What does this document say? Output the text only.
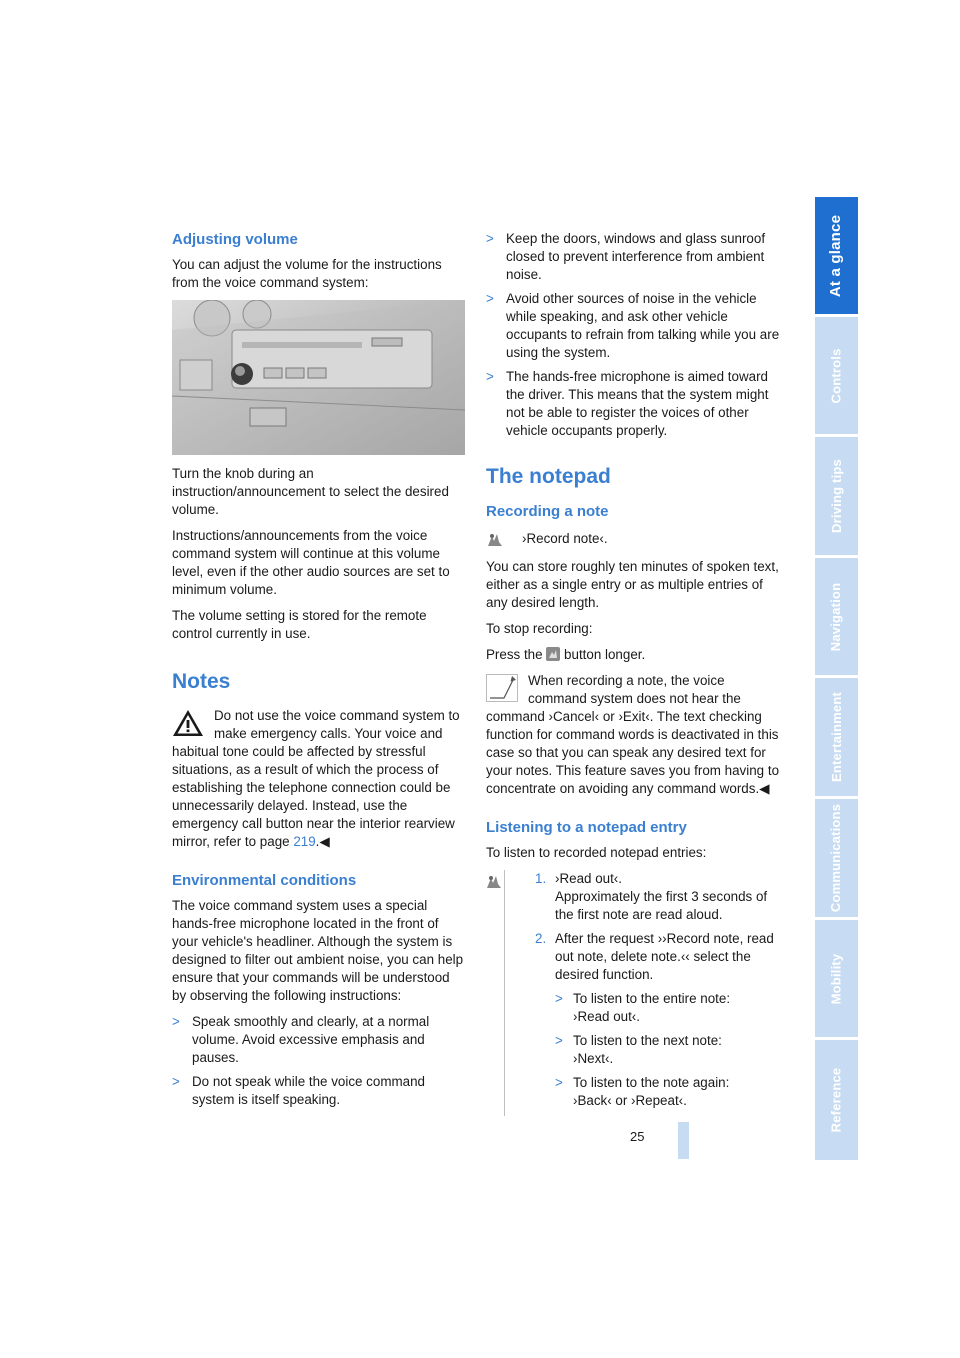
Adjusting volume

You can adjust the volume for the instructions from the voice command system:

Turn the knob during an instruction/announcement to select the desired volume.

Instructions/announcements from the voice command system will continue at this volume level, even if the other audio sources are set to minimum volume.

The volume setting is stored for the remote control currently in use.

Notes
Do not use the voice command system to make emergency calls. Your voice and habitual tone could be affected by stressful situations, as a result of which the process of establishing the telephone connection could be unnecessarily delayed. Instead, use the emergency call button near the interior rearview mirror, refer to page 219.◀
Environmental conditions

The voice command system uses a special hands-free microphone located in the front of your vehicle's headliner. Although the system is designed to filter out ambient noise, you can help ensure that your commands will be understood by observing the following instructions:

> Speak smoothly and clearly, at a normal volume. Avoid excessive emphasis and pauses.
> Do not speak while the voice command system is itself speaking.
> Keep the doors, windows and glass sunroof closed to prevent interference from ambient noise.
> Avoid other sources of noise in the vehicle while speaking, and ask other vehicle occupants to refrain from talking while you are using the system.
> The hands-free microphone is aimed toward the driver. This means that the system might not be able to register the voices of other vehicle occupants properly.
The notepad
Recording a note
›Record note‹.

You can store roughly ten minutes of spoken text, either as a single entry or as multiple entries of any desired length.

To stop recording:

Press the button longer.

When recording a note, the voice command system does not hear the command ›Cancel‹ or ›Exit‹. The text checking function for command words is deactivated in this case so that you can speak any desired text for your notes. This feature saves you from having to concentrate on avoiding any command words.◀
Listening to a notepad entry

To listen to recorded notepad entries:

1. ›Read out‹.
Approximately the first 3 seconds of the first note are read aloud.
2. After the request ››Record note, read out note, delete note.‹‹ select the desired function.
> To listen to the entire note:
›Read out‹.
> To listen to the next note:
›Next‹.
> To listen to the note again:
›Back‹ or ›Repeat‹.
25
At a glance
Controls
Driving tips
Navigation
Entertainment
Communications
Mobility
Reference
